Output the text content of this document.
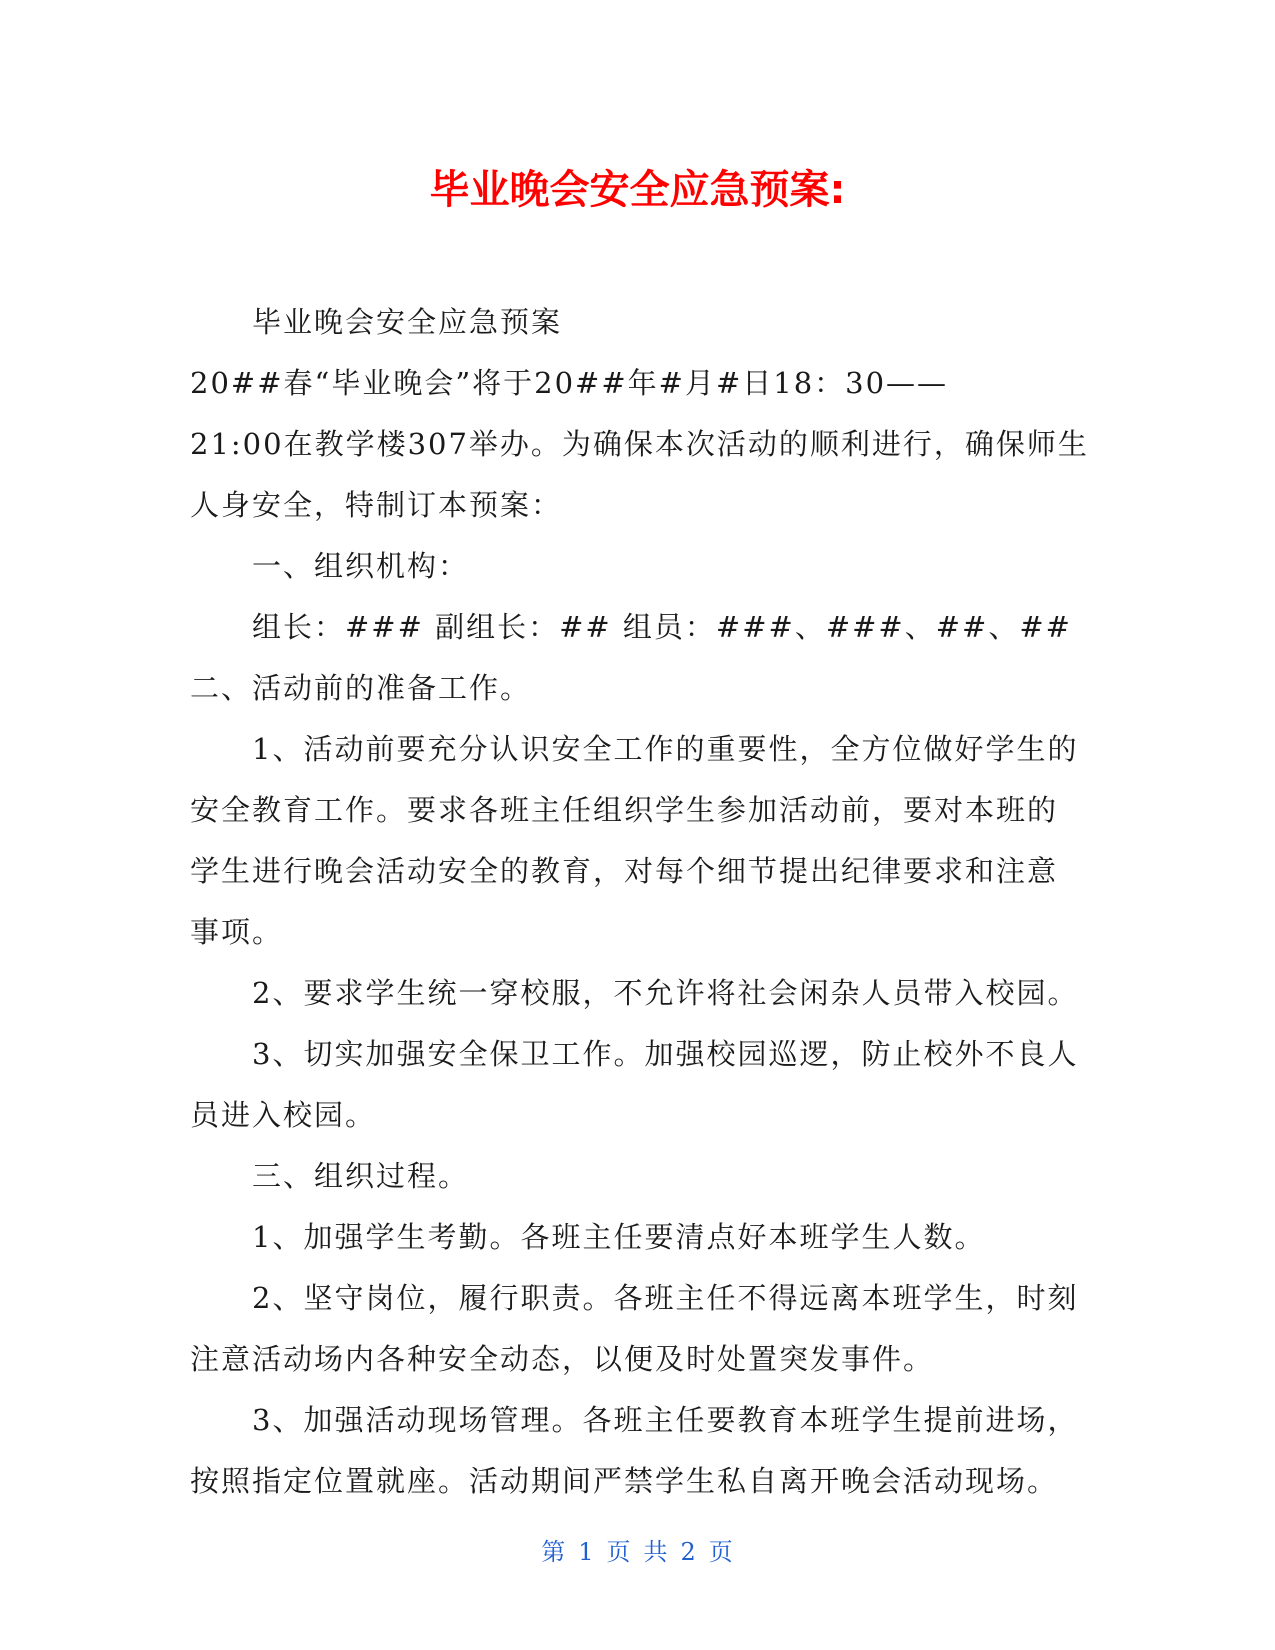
毕业晚会安全应急预案:
毕业晚会安全应急预案
20##春“毕业晚会”将于20##年#月#日18：30——
21:00在教学楼307举办。为确保本次活动的顺利进行，确保师生
人身安全，特制订本预案：
一、组织机构：
组长：### 副组长：## 组员：###、###、##、##
二、活动前的准备工作。
1、活动前要充分认识安全工作的重要性，全方位做好学生的
安全教育工作。要求各班主任组织学生参加活动前，要对本班的
学生进行晚会活动安全的教育，对每个细节提出纪律要求和注意
事项。
2、要求学生统一穿校服，不允许将社会闲杂人员带入校园。
3、切实加强安全保卫工作。加强校园巡逻，防止校外不良人
员进入校园。
三、组织过程。
1、加强学生考勤。各班主任要清点好本班学生人数。
2、坚守岗位，履行职责。各班主任不得远离本班学生，时刻
注意活动场内各种安全动态，以便及时处置突发事件。
3、加强活动现场管理。各班主任要教育本班学生提前进场，
按照指定位置就座。活动期间严禁学生私自离开晚会活动现场。
第 1 页 共 2 页
